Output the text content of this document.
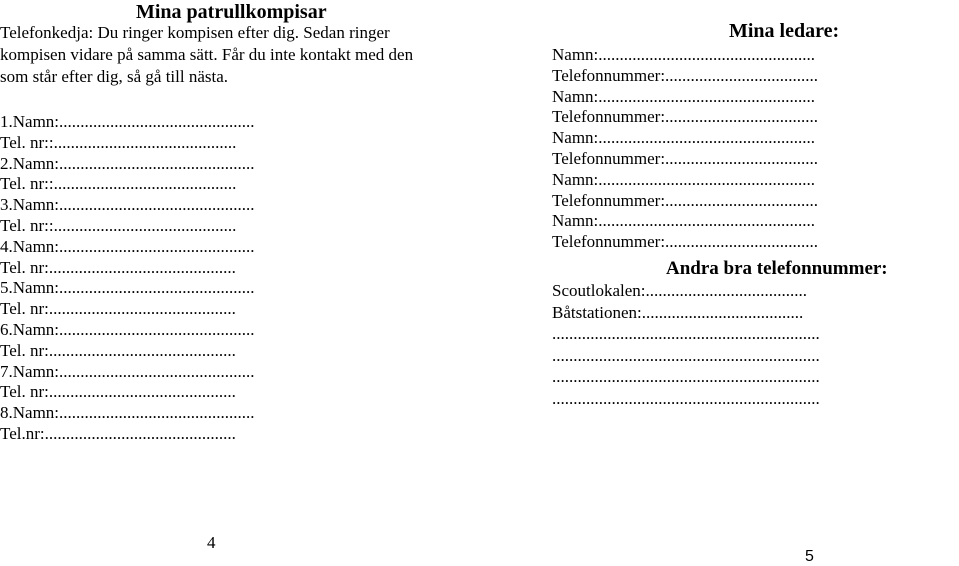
Mina patrullkompisar
Telefonkedja: Du ringer kompisen efter dig. Sedan ringer
kompisen vidare på samma sätt. Får du inte kontakt med den
som står efter dig, så gå till nästa.
1.Namn:..............................................
Tel. nr::...........................................
2.Namn:..............................................
Tel. nr::...........................................
3.Namn:..............................................
Tel. nr::...........................................
4.Namn:..............................................
Tel. nr:............................................
5.Namn:..............................................
Tel. nr:............................................
6.Namn:..............................................
Tel. nr:............................................
7.Namn:..............................................
Tel. nr:............................................
8.Namn:..............................................
Tel.nr:.............................................
4
Mina ledare:
Namn:...................................................
Telefonnummer:....................................
Namn:...................................................
Telefonnummer:....................................
Namn:...................................................
Telefonnummer:....................................
Namn:...................................................
Telefonnummer:....................................
Namn:...................................................
Telefonnummer:....................................
Andra bra telefonnummer:
Scoutlokalen:......................................
Båtstationen:......................................
...............................................................
...............................................................
...............................................................
...............................................................
5
